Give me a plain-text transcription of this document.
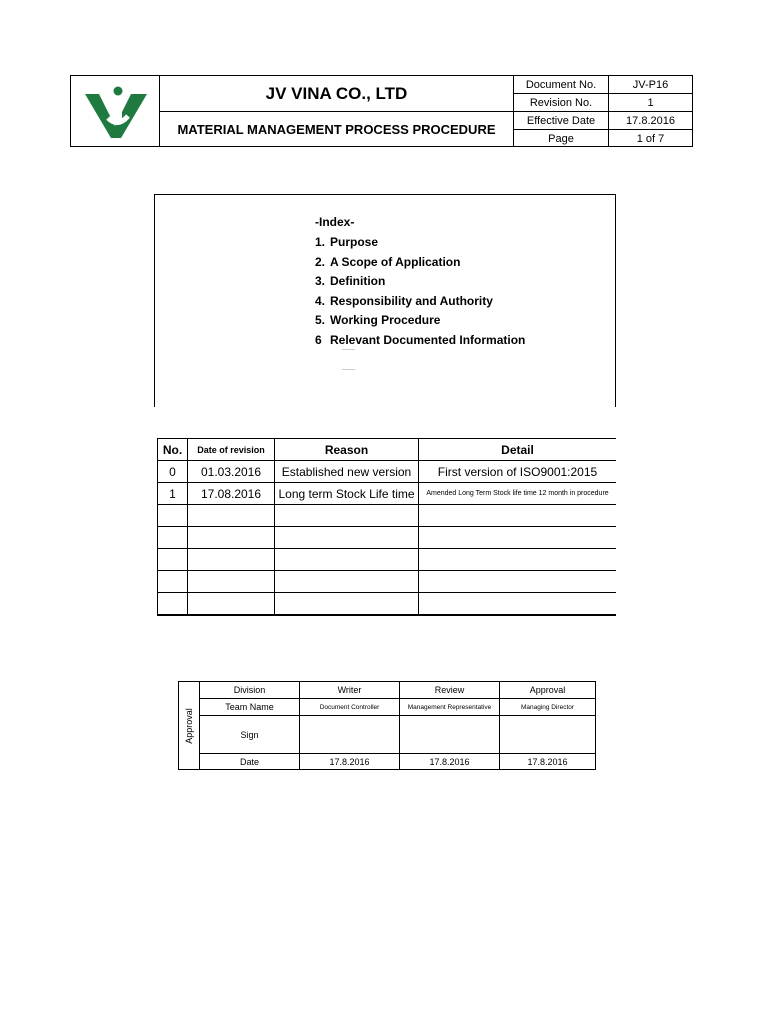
JV VINA CO., LTD
MATERIAL MANAGEMENT PROCESS PROCEDURE
Document No.	JV-P16
Revision No.	1
Effective Date	17.8.2016
Page	1 of 7
-Index-
1. Purpose
2. A Scope of Application
3. Definition
4. Responsibility and Authority
5. Working Procedure
6 Relevant Documented Information
No.	Date of revision	Reason	Detail
0	01.03.2016	Established new version	First version of ISO9001:2015
1	17.08.2016	Long term Stock Life time	Amended Long Term Stock life time 12 month in procedure

Approval	Division	Writer	Review	Approval
	Team Name	Document Controller	Management Representative	Managing Director
	Sign			
	Date	17.8.2016	17.8.2016	17.8.2016
